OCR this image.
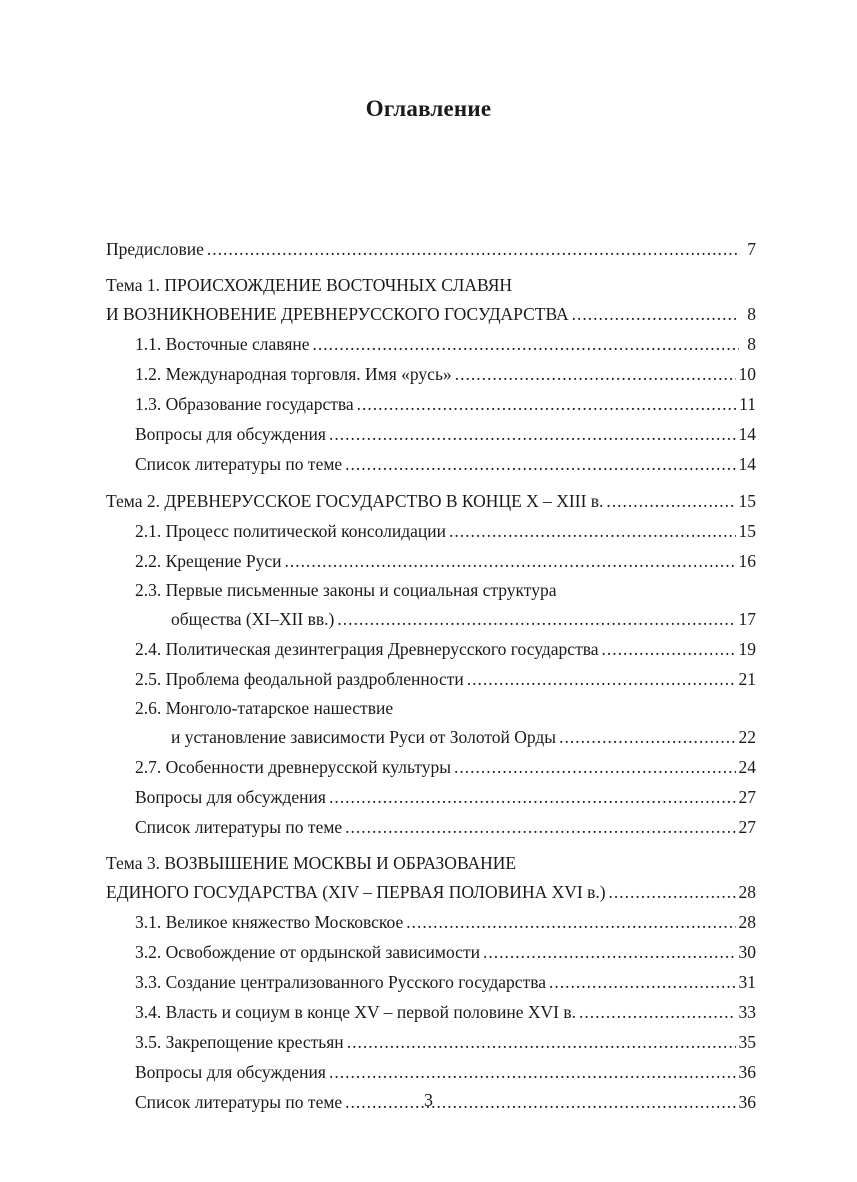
Оглавление
Предисловие .....	7
Тема 1. ПРОИСХОЖДЕНИЕ ВОСТОЧНЫХ СЛАВЯН
И ВОЗНИКНОВЕНИЕ ДРЕВНЕРУССКОГО ГОСУДАРСТВА .....	8
1.1. Восточные славяне .....	8
1.2. Международная торговля. Имя «русь» .....	10
1.3. Образование государства .....	11
Вопросы для обсуждения .....	14
Список литературы по теме .....	14
Тема 2. ДРЕВНЕРУССКОЕ ГОСУДАРСТВО В КОНЦЕ X – XIII в. .....	15
2.1. Процесс политической консолидации .....	15
2.2. Крещение Руси .....	16
2.3. Первые письменные законы и социальная структура
общества (XI–XII вв.) .....	17
2.4. Политическая дезинтеграция Древнерусского государства .....	19
2.5. Проблема феодальной раздробленности .....	21
2.6. Монголо-татарское нашествие
и установление зависимости Руси от Золотой Орды .....	22
2.7. Особенности древнерусской культуры .....	24
Вопросы для обсуждения .....	27
Список литературы по теме .....	27
Тема 3. ВОЗВЫШЕНИЕ МОСКВЫ И ОБРАЗОВАНИЕ
ЕДИНОГО ГОСУДАРСТВА (XIV – ПЕРВАЯ ПОЛОВИНА XVI в.) .....	28
3.1. Великое княжество Московское .....	28
3.2. Освобождение от ордынской зависимости .....	30
3.3. Создание централизованного Русского государства .....	31
3.4. Власть и социум в конце XV – первой половине XVI в. .....	33
3.5. Закрепощение крестьян .....	35
Вопросы для обсуждения .....	36
Список литературы по теме .....	36
3
